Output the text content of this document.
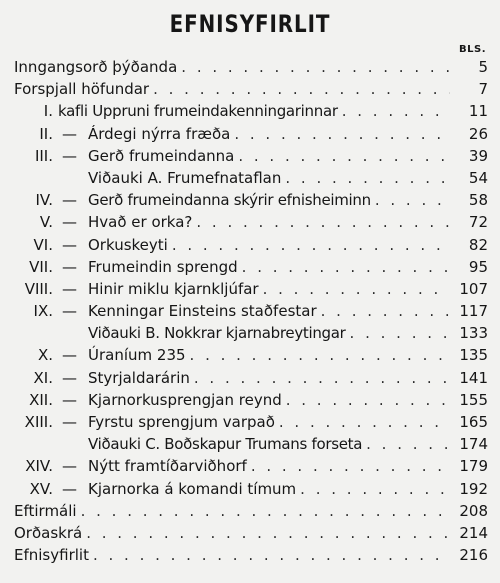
EFNISYFIRLIT
BLS.
Inngangsorð þýðanda . . .	5
Forspjall höfundar . . .	7
I. kafli Uppruni frumeindakenningarinnar . . .	11
II. — Árdegi nýrra fræða . . .	26
III. — Gerð frumeindanna . . .	39
Viðauki A. Frumefnataflan . . .	54
IV. — Gerð frumeindanna skýrir efnisheiminn . . .	58
V. — Hvað er orka? . . .	72
VI. — Orkuskeyti . . .	82
VII. — Frumeindin sprengd . . .	95
VIII. — Hinir miklu kjarnkljúfar . . .	107
IX. — Kenningar Einsteins staðfestar . . .	117
Viðauki B. Nokkrar kjarnabreytingar . . .	133
X. — Úraníum 235 . . .	135
XI. — Styrjaldarárin . . .	141
XII. — Kjarnorkusprengjan reynd . . .	155
XIII. — Fyrstu sprengjum varpað . . .	165
Viðauki C. Boðskapur Trumans forseta . . .	174
XIV. — Nýtt framtíðarviðhorf . . .	179
XV. — Kjarnorka á komandi tímum . . .	192
Eftirmáli . . .	208
Orðaskrá . . .	214
Efnisyfirlit . . .	216
